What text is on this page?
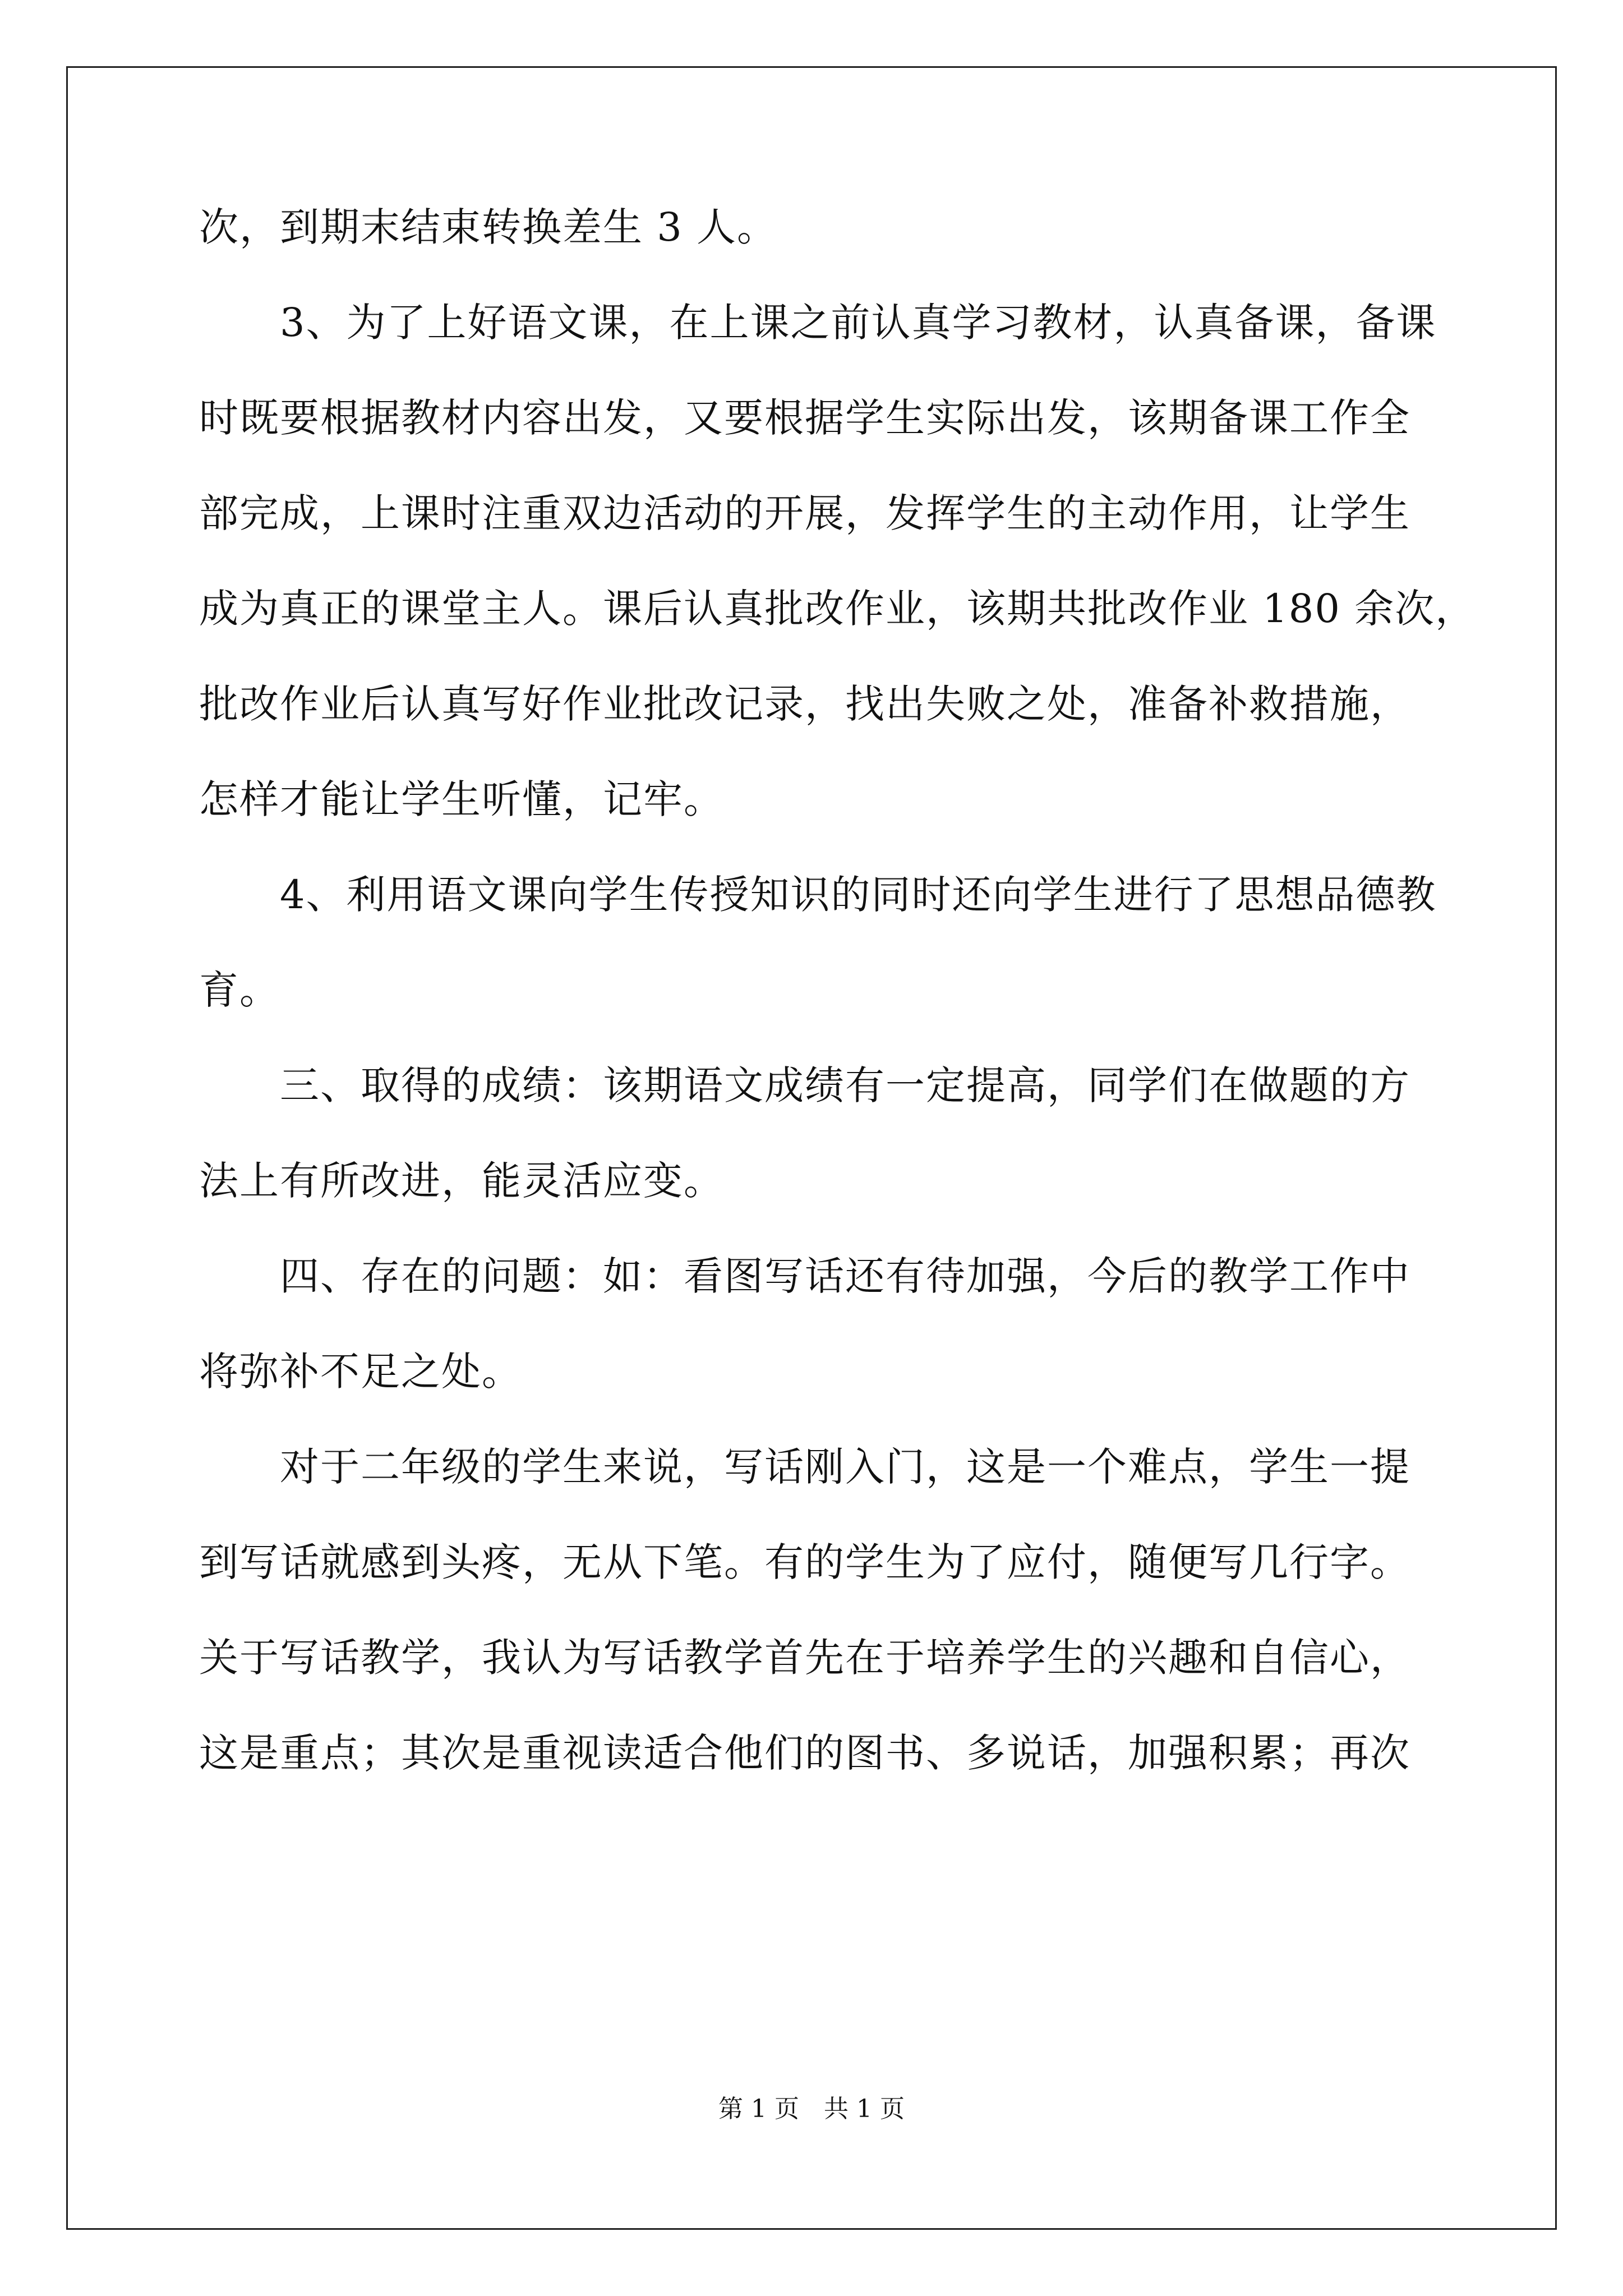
次，到期末结束转换差生 3 人。
　　3、为了上好语文课，在上课之前认真学习教材，认真备课，备课
时既要根据教材内容出发，又要根据学生实际出发，该期备课工作全
部完成，上课时注重双边活动的开展，发挥学生的主动作用，让学生
成为真正的课堂主人。课后认真批改作业，该期共批改作业 180 余次，
批改作业后认真写好作业批改记录，找出失败之处，准备补救措施，
怎样才能让学生听懂，记牢。
　　4、利用语文课向学生传授知识的同时还向学生进行了思想品德教
育。
　　三、取得的成绩：该期语文成绩有一定提高，同学们在做题的方
法上有所改进，能灵活应变。
　　四、存在的问题：如：看图写话还有待加强，今后的教学工作中
将弥补不足之处。
　　对于二年级的学生来说，写话刚入门，这是一个难点，学生一提
到写话就感到头疼，无从下笔。有的学生为了应付，随便写几行字。
关于写话教学，我认为写话教学首先在于培养学生的兴趣和自信心，
这是重点；其次是重视读适合他们的图书、多说话，加强积累；再次
第 1 页　共 1 页
